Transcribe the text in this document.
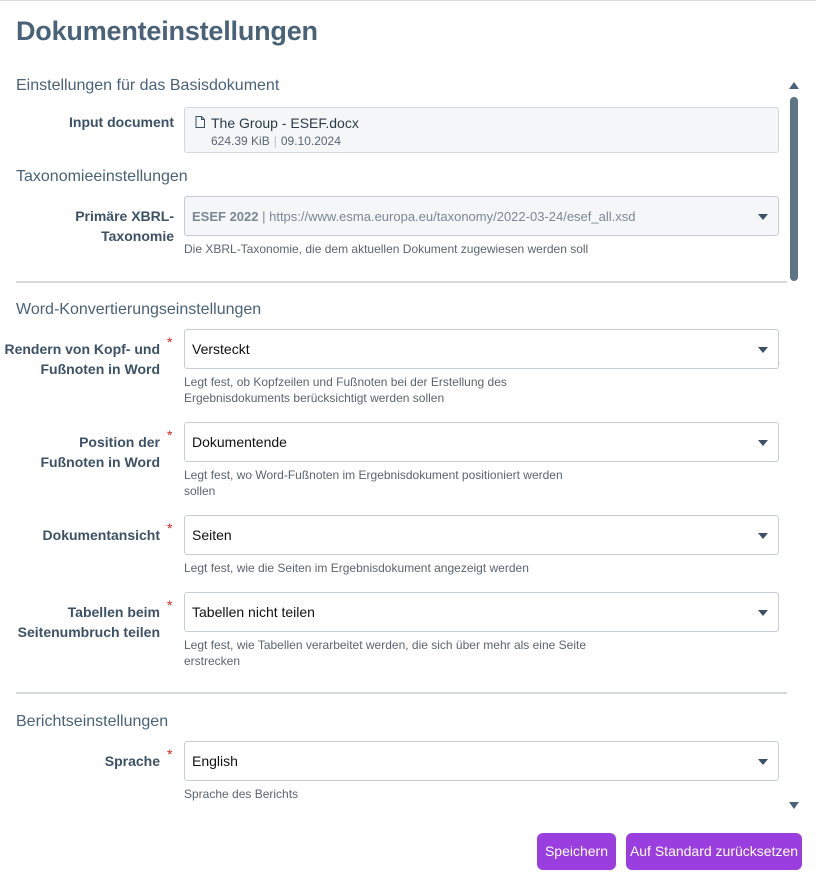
Dokumenteinstellungen
Einstellungen für das Basisdokument
Input document	The Group - ESEF.docx
624.39 KiB | 09.10.2024
Taxonomieeinstellungen
Primäre XBRL-Taxonomie
ESEF 2022 | https://www.esma.europa.eu/taxonomy/2022-03-24/esef_all.xsd
Die XBRL-Taxonomie, die dem aktuellen Dokument zugewiesen werden soll
Word-Konvertierungseinstellungen
Rendern von Kopf- und Fußnoten in Word
* Versteckt
Legt fest, ob Kopfzeilen und Fußnoten bei der Erstellung des Ergebnisdokuments berücksichtigt werden sollen
Position der Fußnoten in Word
* Dokumentende
Legt fest, wo Word-Fußnoten im Ergebnisdokument positioniert werden sollen
Dokumentansicht * Seiten
Legt fest, wie die Seiten im Ergebnisdokument angezeigt werden
Tabellen beim Seitenumbruch teilen
* Tabellen nicht teilen
Legt fest, wie Tabellen verarbeitet werden, die sich über mehr als eine Seite erstrecken
Berichtseinstellungen
Sprache * English
Sprache des Berichts
Speichern	Auf Standard zurücksetzen
